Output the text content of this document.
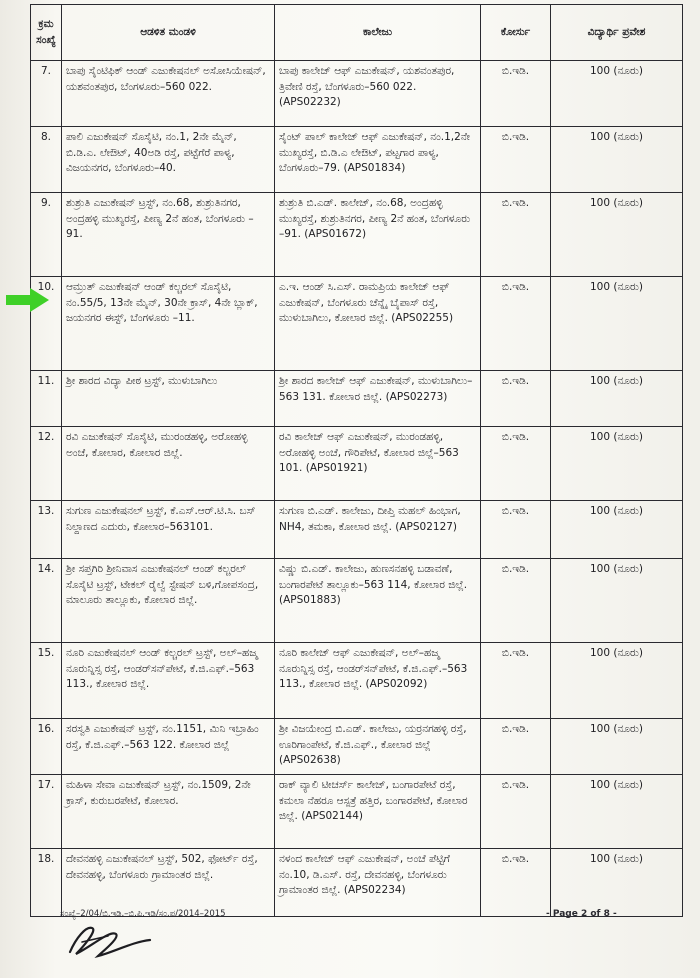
ಕ್ರಮ ಸಂಖ್ಯೆ	ಆಡಳಿತ ಮಂಡಳಿ	ಕಾಲೇಜು	ಕೋರ್ಸು	ವಿದ್ಯಾರ್ಥಿ ಪ್ರವೇಶ
7.	ಬಾಪು ಸೈಂಟಿಫಿಕ್ ಆಂಡ್ ಎಜುಕೇಷನಲ್ ಅಸೋಸಿಯೇಷನ್, ಯಶವಂತಪುರ, ಬೆಂಗಳೂರು–560 022.	ಬಾಪು ಕಾಲೇಜ್ ಆಫ್ ಎಜುಕೇಷನ್, ಯಶವಂತಪುರ, ತ್ರಿವೇಣಿ ರಸ್ತೆ, ಬೆಂಗಳೂರು–560 022. (APS02232)	ಬಿ.ಇಡಿ.	100 (ನೂರು)
8.	ಪಾಲಿ ಎಜುಕೇಷನ್ ಸೊಸೈಟಿ, ನಂ.1, 2ನೇ ಮೈನ್, ಬಿ.ಡಿ.ಎ. ಲೇಔಟ್, 40ಅಡಿ ರಸ್ತೆ, ಪಟ್ಟೆಗೆರೆ ಪಾಳ್ಯ, ವಿಜಯನಗರ, ಬೆಂಗಳೂರು–40.	ಸೈಂಟ್ ಪಾಲ್ ಕಾಲೇಜ್ ಆಫ್ ಎಜುಕೇಷನ್, ನಂ.1,2ನೇ ಮುಖ್ಯರಸ್ತೆ, ಬಿ.ಡಿ.ಎ ಲೇಔಟ್, ಪಟ್ಟಗಾರ ಪಾಳ್ಯ, ಬೆಂಗಳೂರು–79. (APS01834)	ಬಿ.ಇಡಿ.	100 (ನೂರು)
9.	ಶುಶ್ರುತಿ ಎಜುಕೇಷನ್ ಟ್ರಸ್ಟ್, ನಂ.68, ಶುಶ್ರುತಿನಗರ, ಅಂದ್ರಹಳ್ಳಿ ಮುಖ್ಯರಸ್ತೆ, ಪೀಣ್ಯ 2ನೆ ಹಂತ, ಬೆಂಗಳೂರು –91.	ಶುಶ್ರುತಿ ಬಿ.ಎಡ್. ಕಾಲೇಜ್, ನಂ.68, ಅಂದ್ರಹಳ್ಳಿ ಮುಖ್ಯರಸ್ತೆ, ಶುಶ್ರುತಿನಗರ, ಪೀಣ್ಯ 2ನೆ ಹಂತ, ಬೆಂಗಳೂರು –91. (APS01672)	ಬಿ.ಇಡಿ.	100 (ನೂರು)
10.	ಆಮ್ರುತ್ ಎಜುಕೇಷನ್ ಆಂಡ್ ಕಲ್ಚರಲ್ ಸೊಸೈಟಿ, ನಂ.55/5, 13ನೇ ಮೈನ್, 30ನೇ ಕ್ರಾಸ್, 4ನೇ ಬ್ಲಾಕ್, ಜಯನಗರ ಈಸ್ಟ್, ಬೆಂಗಳೂರು –11.	ಎ.ಇ. ಆಂಡ್ ಸಿ.ಎಸ್. ರಾಮಪ್ರಿಯ ಕಾಲೇಜ್ ಆಫ್ ಎಜುಕೇಷನ್, ಬೆಂಗಳೂರು ಚೆನ್ನೈ ಬೈಪಾಸ್ ರಸ್ತೆ, ಮುಳುಬಾಗಿಲು, ಕೋಲಾರ ಜಿಲ್ಲೆ. (APS02255)	ಬಿ.ಇಡಿ.	100 (ನೂರು)
11.	ಶ್ರೀ ಶಾರದ ವಿದ್ಯಾ ಪೀಠ ಟ್ರಸ್ಟ್, ಮುಳುಬಾಗಿಲು	ಶ್ರೀ ಶಾರದ ಕಾಲೇಜ್ ಆಫ್ ಎಜುಕೇಷನ್, ಮುಳುಬಾಗಿಲು–563 131. ಕೋಲಾರ ಜಿಲ್ಲೆ. (APS02273)	ಬಿ.ಇಡಿ.	100 (ನೂರು)
12.	ರವಿ ಎಜುಕೇಷನ್ ಸೊಸೈಟಿ, ಮುರಂಡಹಳ್ಳಿ, ಅರೋಹಳ್ಳಿ ಅಂಚೆ, ಕೋಲಾರ, ಕೋಲಾರ ಜಿಲ್ಲೆ.	ರವಿ ಕಾಲೇಜ್ ಆಫ್ ಎಜುಕೇಷನ್, ಮುರಂಡಹಳ್ಳಿ, ಅರೋಹಳ್ಳಿ ಅಂಚೆ, ಗೌರಿಪೇಟೆ, ಕೋಲಾರ ಜಿಲ್ಲೆ–563 101. (APS01921)	ಬಿ.ಇಡಿ.	100 (ನೂರು)
13.	ಸುಗುಣ ಎಜುಕೇಷನಲ್ ಟ್ರಸ್ಟ್, ಕೆ.ಎಸ್.ಆರ್.ಟಿ.ಸಿ. ಬಸ್ ನಿಲ್ದಾಣದ ಎದುರು, ಕೋಲಾರ–563101.	ಸುಗುಣ ಬಿ.ಎಡ್. ಕಾಲೇಜು, ದೀಪ್ತಿ ಮಹಲ್ ಹಿಂಭಾಗ, NH4, ತಮಕಾ, ಕೋಲಾರ ಜಿಲ್ಲೆ. (APS02127)	ಬಿ.ಇಡಿ.	100 (ನೂರು)
14.	ಶ್ರೀ ಸಪ್ತಗಿರಿ ಶ್ರೀನಿವಾಸ ಎಜುಕೇಷನಲ್ ಆಂಡ್ ಕಲ್ಚರಲ್ ಸೊಸೈಟಿ ಟ್ರಸ್ಟ್, ಟೇಕಲ್ ರೈಲ್ವೆ ಸ್ಟೇಷನ್ ಬಳಿ,ಗೋಪಸಂದ್ರ, ಮಾಲೂರು ತಾಲ್ಲೂಕು, ಕೋಲಾರ ಜಿಲ್ಲೆ.	ವಿಷ್ಣು ಬಿ.ಎಡ್. ಕಾಲೇಜು, ಹುಣಸನಹಳ್ಳಿ ಬಡಾವಣೆ, ಬಂಗಾರಪೇಟೆ ತಾಲ್ಲೂಕು–563 114, ಕೋಲಾರ ಜಿಲ್ಲೆ. (APS01883)	ಬಿ.ಇಡಿ.	100 (ನೂರು)
15.	ನೂರಿ ಎಜುಕೇಷನಲ್ ಆಂಡ್ ಕಲ್ಚರಲ್ ಟ್ರಸ್ಟ್, ಅಲ್–ಹಜ್ಮ ನೂರುನ್ನಿಸ್ಸ ರಸ್ತೆ, ಆಂಡರ್‌ಸನ್‌ಪೇಟೆ, ಕೆ.ಜಿ.ಎಫ್.–563 113., ಕೋಲಾರ ಜಿಲ್ಲೆ.	ನೂರಿ ಕಾಲೇಜ್ ಆಫ್ ಎಜುಕೇಷನ್, ಅಲ್–ಹಜ್ಮ ನೂರುನ್ನಿಸ್ಸ ರಸ್ತೆ, ಆಂಡರ್‌ಸನ್‌ಪೇಟೆ, ಕೆ.ಜಿ.ಎಫ್.–563 113., ಕೋಲಾರ ಜಿಲ್ಲೆ. (APS02092)	ಬಿ.ಇಡಿ.	100 (ನೂರು)
16.	ಸರಸ್ವತಿ ಎಜುಕೇಷನ್ ಟ್ರಸ್ಟ್, ನಂ.1151, ಮಿನಿ ಇಬ್ರಾಹಿಂ ರಸ್ತೆ, ಕೆ.ಜಿ.ಎಫ್.–563 122. ಕೋಲಾರ ಜಿಲ್ಲೆ	ಶ್ರೀ ವಿಜಯೇಂದ್ರ ಬಿ.ಎಡ್. ಕಾಲೇಜು, ಯರ್ರನಗಹಳ್ಳಿ ರಸ್ತೆ, ಊರಿಗಾಂಪೇಟೆ, ಕೆ.ಜಿ.ಎಫ್., ಕೋಲಾರ ಜಿಲ್ಲೆ (APS02638)	ಬಿ.ಇಡಿ.	100 (ನೂರು)
17.	ಮಹಿಳಾ ಸೇವಾ ಎಜುಕೇಷನ್ ಟ್ರಸ್ಟ್, ನಂ.1509, 2ನೇ ಕ್ರಾಸ್, ಕುರುಬರಪೇಟೆ, ಕೋಲಾರ.	ರಾಕ್ ವ್ಯಾಲಿ ಟೀಚರ್ಸ್ ಕಾಲೇಜ್, ಬಂಗಾರಪೇಟೆ ರಸ್ತೆ, ಕಮಲಾ ನೆಹರೂ ಆಸ್ಪತ್ರೆ ಹತ್ತಿರ, ಬಂಗಾರಪೇಟೆ, ಕೋಲಾರ ಜಿಲ್ಲೆ. (APS02144)	ಬಿ.ಇಡಿ.	100 (ನೂರು)
18.	ದೇವನಹಳ್ಳಿ ಎಜುಕೇಷನಲ್ ಟ್ರಸ್ಟ್, 502, ಫೋರ್ಟ್ ರಸ್ತೆ, ದೇವನಹಳ್ಳಿ, ಬೆಂಗಳೂರು ಗ್ರಾಮಾಂತರ ಜಿಲ್ಲೆ.	ನಳಂದ ಕಾಲೇಜ್ ಆಫ್ ಎಜುಕೇಷನ್, ಅಂಚೆ ಪೆಟ್ಟಿಗೆ ನಂ.10, ಡಿ.ಎಸ್. ರಸ್ತೆ, ದೇವನಹಳ್ಳಿ, ಬೆಂಗಳೂರು ಗ್ರಾಮಾಂತರ ಜಿಲ್ಲೆ. (APS02234)	ಬಿ.ಇಡಿ.	100 (ನೂರು)
ಸಂಖ್ಯೆ–2/04/ಬಿ.ಇಡಿ.–ಬಿ.ಪಿ.ಇಡಿ/ಸಂ.ಪ/2014–2015	- Page 2 of 8 -
